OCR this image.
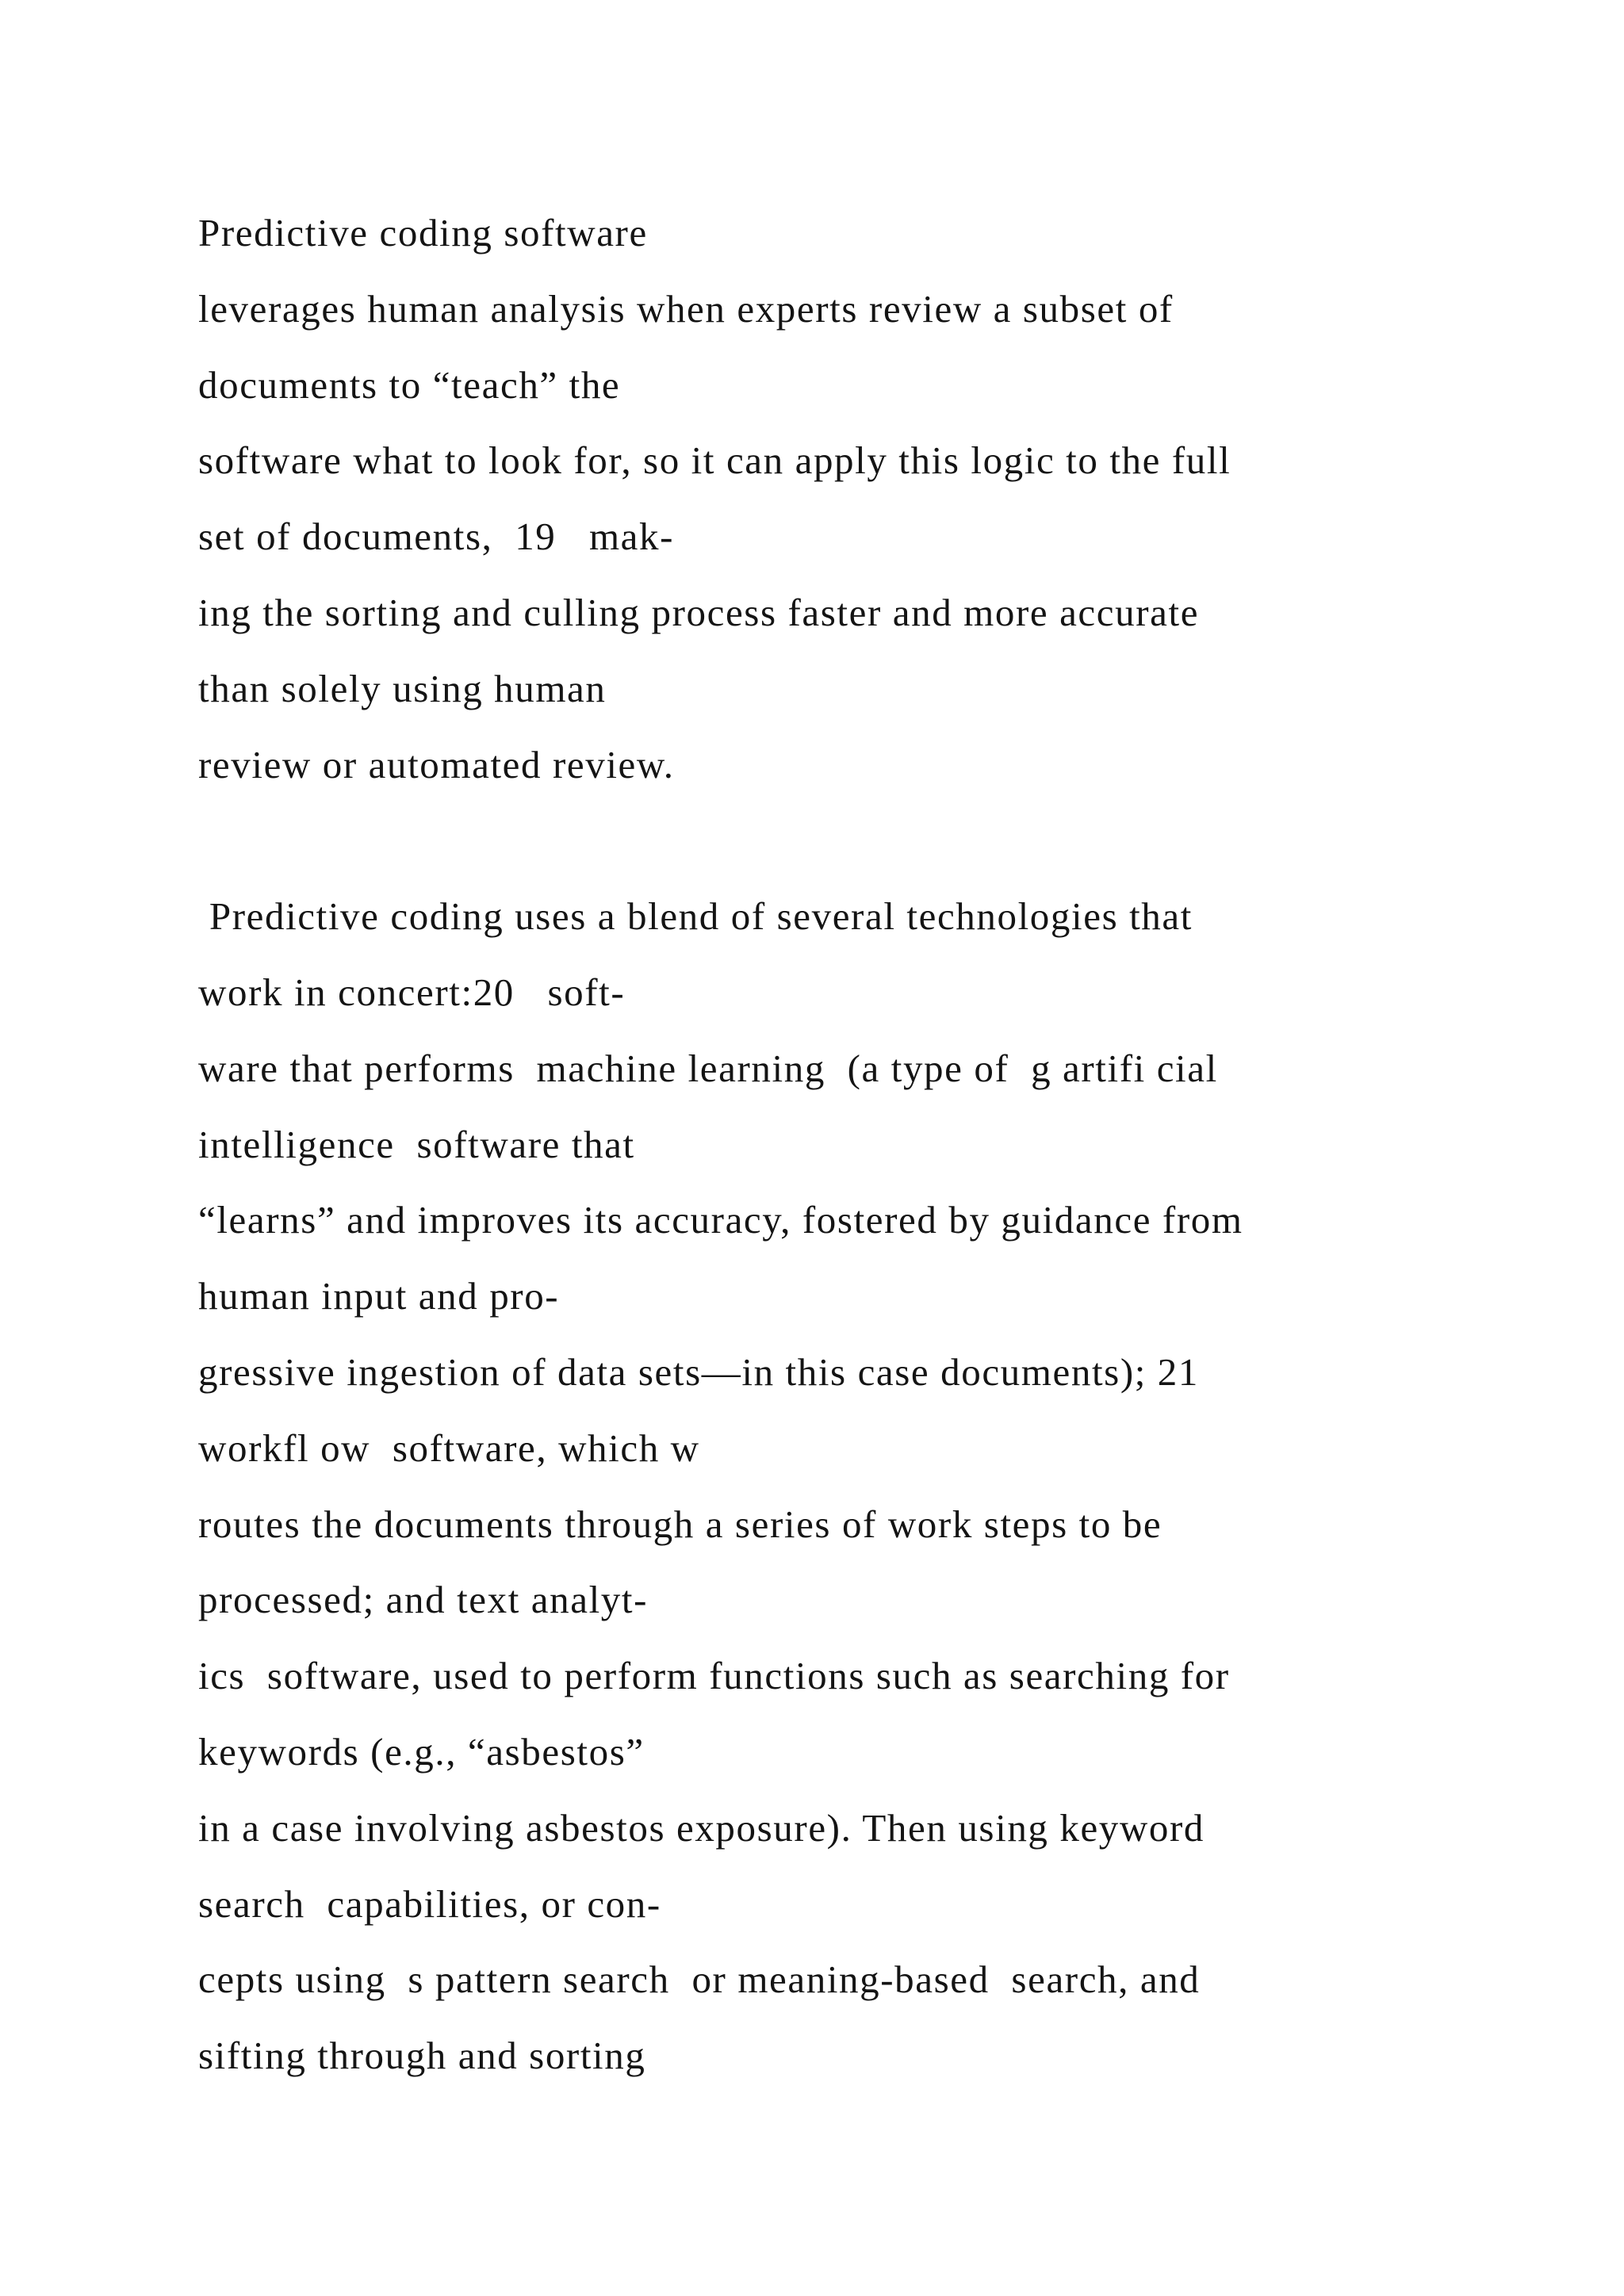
Predictive coding software
leverages human analysis when experts review a subset of
documents to “teach” the
software what to look for, so it can apply this logic to the full
set of documents,  19   mak-
ing the sorting and culling process faster and more accurate
than solely using human
review or automated review.
Predictive coding uses a blend of several technologies that
work in concert:20   soft-
ware that performs  machine learning  (a type of  g artifi cial
intelligence  software that
“learns” and improves its accuracy, fostered by guidance from
human input and pro-
gressive ingestion of data sets—in this case documents); 21
workfl ow  software, which w
routes the documents through a series of work steps to be
processed; and text analyt-
ics  software, used to perform functions such as searching for
keywords (e.g., “asbestos”
in a case involving asbestos exposure). Then using keyword
search  capabilities, or con-
cepts using  s pattern search  or meaning-based  search, and
sifting through and sorting
